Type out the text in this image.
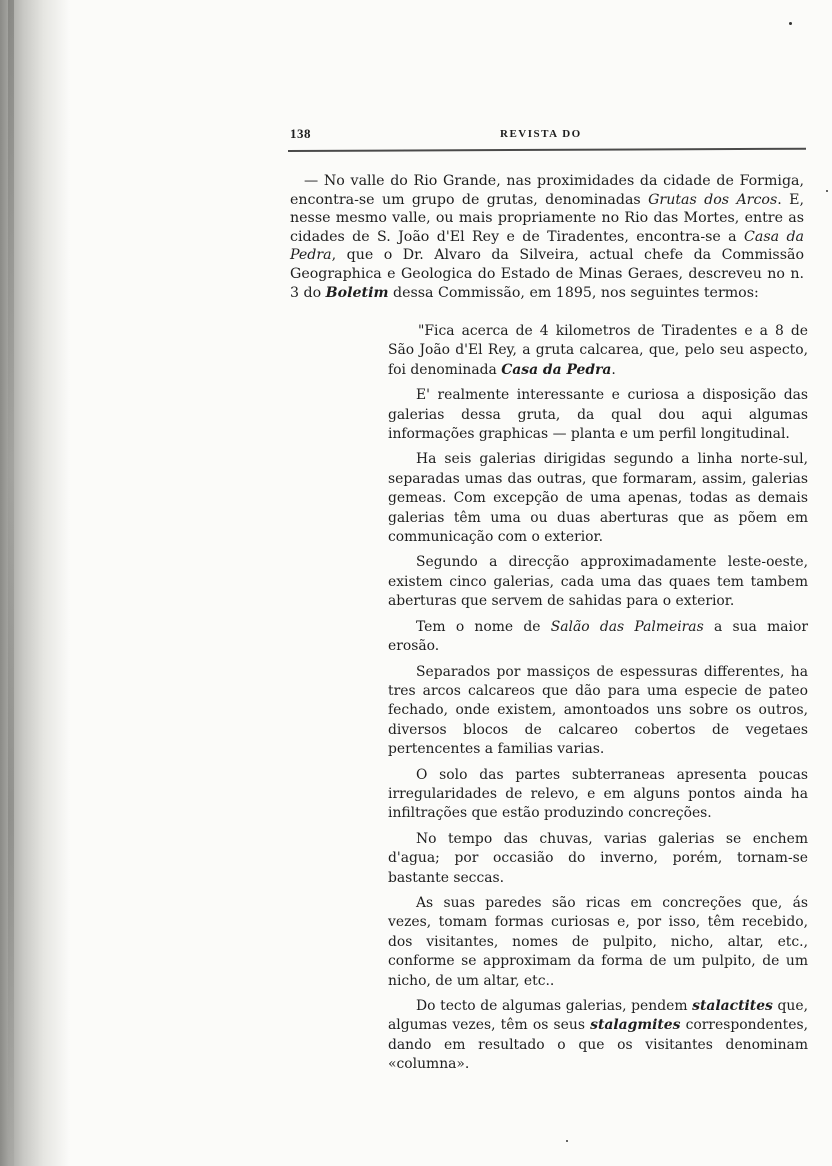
138	REVISTA DO

— No valle do Rio Grande, nas proximidades da cidade de Formiga, encontra-se um grupo de grutas, denominadas Grutas dos Arcos. E, nesse mesmo valle, ou mais propriamente no Rio das Mortes, entre as cidades de S. João d'El Rey e de Tiradentes, encontra-se a Casa da Pedra, que o Dr. Alvaro da Silveira, actual chefe da Commissão Geographica e Geologica do Estado de Minas Geraes, descreveu no n. 3 do Boletim dessa Commissão, em 1895, nos seguintes termos:

"Fica acerca de 4 kilometros de Tiradentes e a 8 de São João d'El Rey, a gruta calcarea, que, pelo seu aspecto, foi denominada Casa da Pedra.

E' realmente interessante e curiosa a disposição das galerias dessa gruta, da qual dou aqui algumas informações graphicas — planta e um perfil longitudinal.

Ha seis galerias dirigidas segundo a linha norte-sul, separadas umas das outras, que formaram, assim, galerias gemeas. Com excepção de uma apenas, todas as demais galerias têm uma ou duas aberturas que as põem em communicação com o exterior.

Segundo a direcção approximadamente leste-oeste, existem cinco galerias, cada uma das quaes tem tambem aberturas que servem de sahidas para o exterior.

Tem o nome de Salão das Palmeiras a sua maior erosão.

Separados por massiços de espessuras differentes, ha tres arcos calcareos que dão para uma especie de pateo fechado, onde existem, amontoados uns sobre os outros, diversos blocos de calcareo cobertos de vegetaes pertencentes a familias varias.

O solo das partes subterraneas apresenta poucas irregularidades de relevo, e em alguns pontos ainda ha infiltrações que estão produzindo concreções.

No tempo das chuvas, varias galerias se enchem d'agua; por occasião do inverno, porém, tornam-se bastante seccas.

As suas paredes são ricas em concreções que, ás vezes, tomam formas curiosas e, por isso, têm recebido, dos visitantes, nomes de pulpito, nicho, altar, etc., conforme se approximam da forma de um pulpito, de um nicho, de um altar, etc..

Do tecto de algumas galerias, pendem stalactites que, algumas vezes, têm os seus stalagmites correspondentes, dando em resultado o que os visitantes denominam «columna».
